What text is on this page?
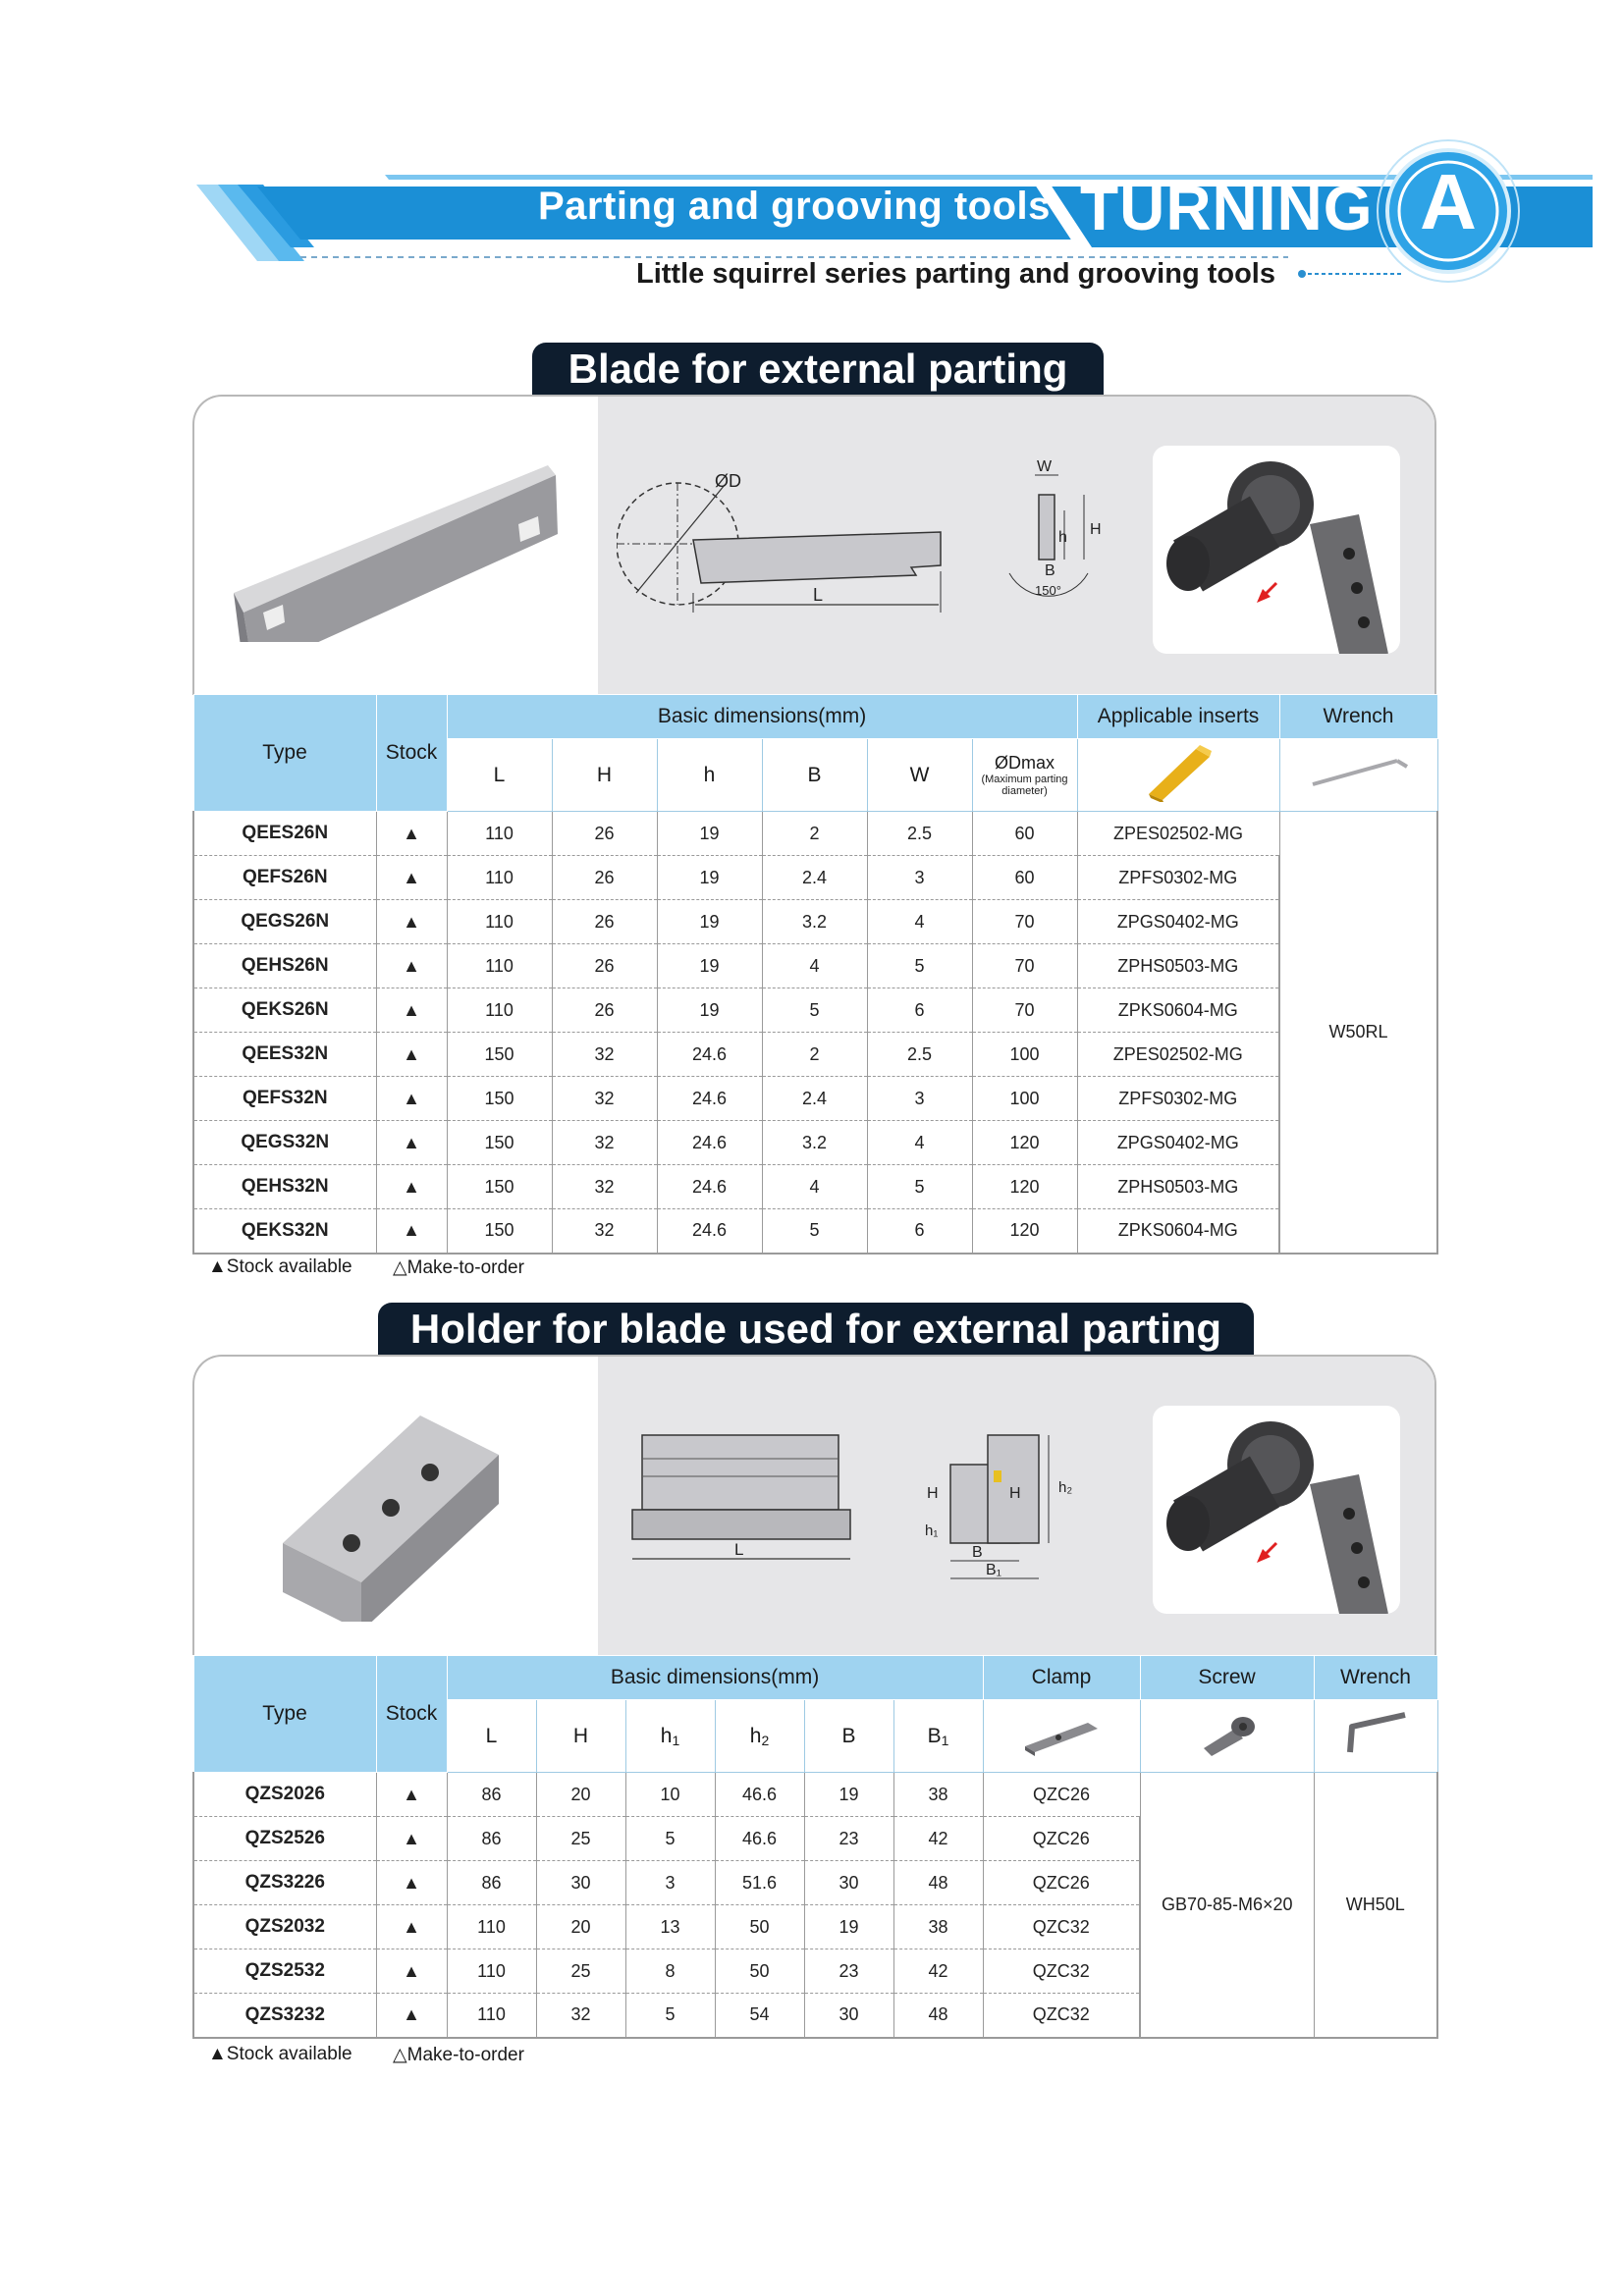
Parting and grooving tools TURNING A
Little squirrel series parting and grooving tools
Blade for external parting
ØD
L
W
h H
B
150°
Type	Stock	Basic dimensions(mm)						Applicable inserts	Wrench
		L	H	h	B	W	ØDmax
(Maximum parting diameter)

QEES26N	▲	110	26	19	2	2.5	60	ZPES02502-MG	W50RL
QEFS26N	▲	110	26	19	2.4	3	60	ZPFS0302-MG	
QEGS26N	▲	110	26	19	3.2	4	70	ZPGS0402-MG	
QEHS26N	▲	110	26	19	4	5	70	ZPHS0503-MG	
QEKS26N	▲	110	26	19	5	6	70	ZPKS0604-MG	
QEES32N	▲	150	32	24.6	2	2.5	100	ZPES02502-MG	
QEFS32N	▲	150	32	24.6	2.4	3	100	ZPFS0302-MG	
QEGS32N	▲	150	32	24.6	3.2	4	120	ZPGS0402-MG	
QEHS32N	▲	150	32	24.6	4	5	120	ZPHS0503-MG	
QEKS32N	▲	150	32	24.6	5	6	120	ZPKS0604-MG	
▲Stock available △Make-to-order
Holder for blade used for external parting
L
H	H
h₁
h₂
B
B₁
Type	Stock	Basic dimensions(mm)						Clamp	Screw	Wrench
		L	H	h1	h2	B	B1			
QZS2026	▲	86	20	10	46.6	19	38	QZC26	GB70-85-M6×20	WH50L
QZS2526	▲	86	25	5	46.6	23	42	QZC26		
QZS3226	▲	86	30	3	51.6	30	48	QZC26		
QZS2032	▲	110	20	13	50	19	38	QZC32		
QZS2532	▲	110	25	8	50	23	42	QZC32		
QZS3232	▲	110	32	5	54	30	48	QZC32		
▲Stock available △Make-to-order
